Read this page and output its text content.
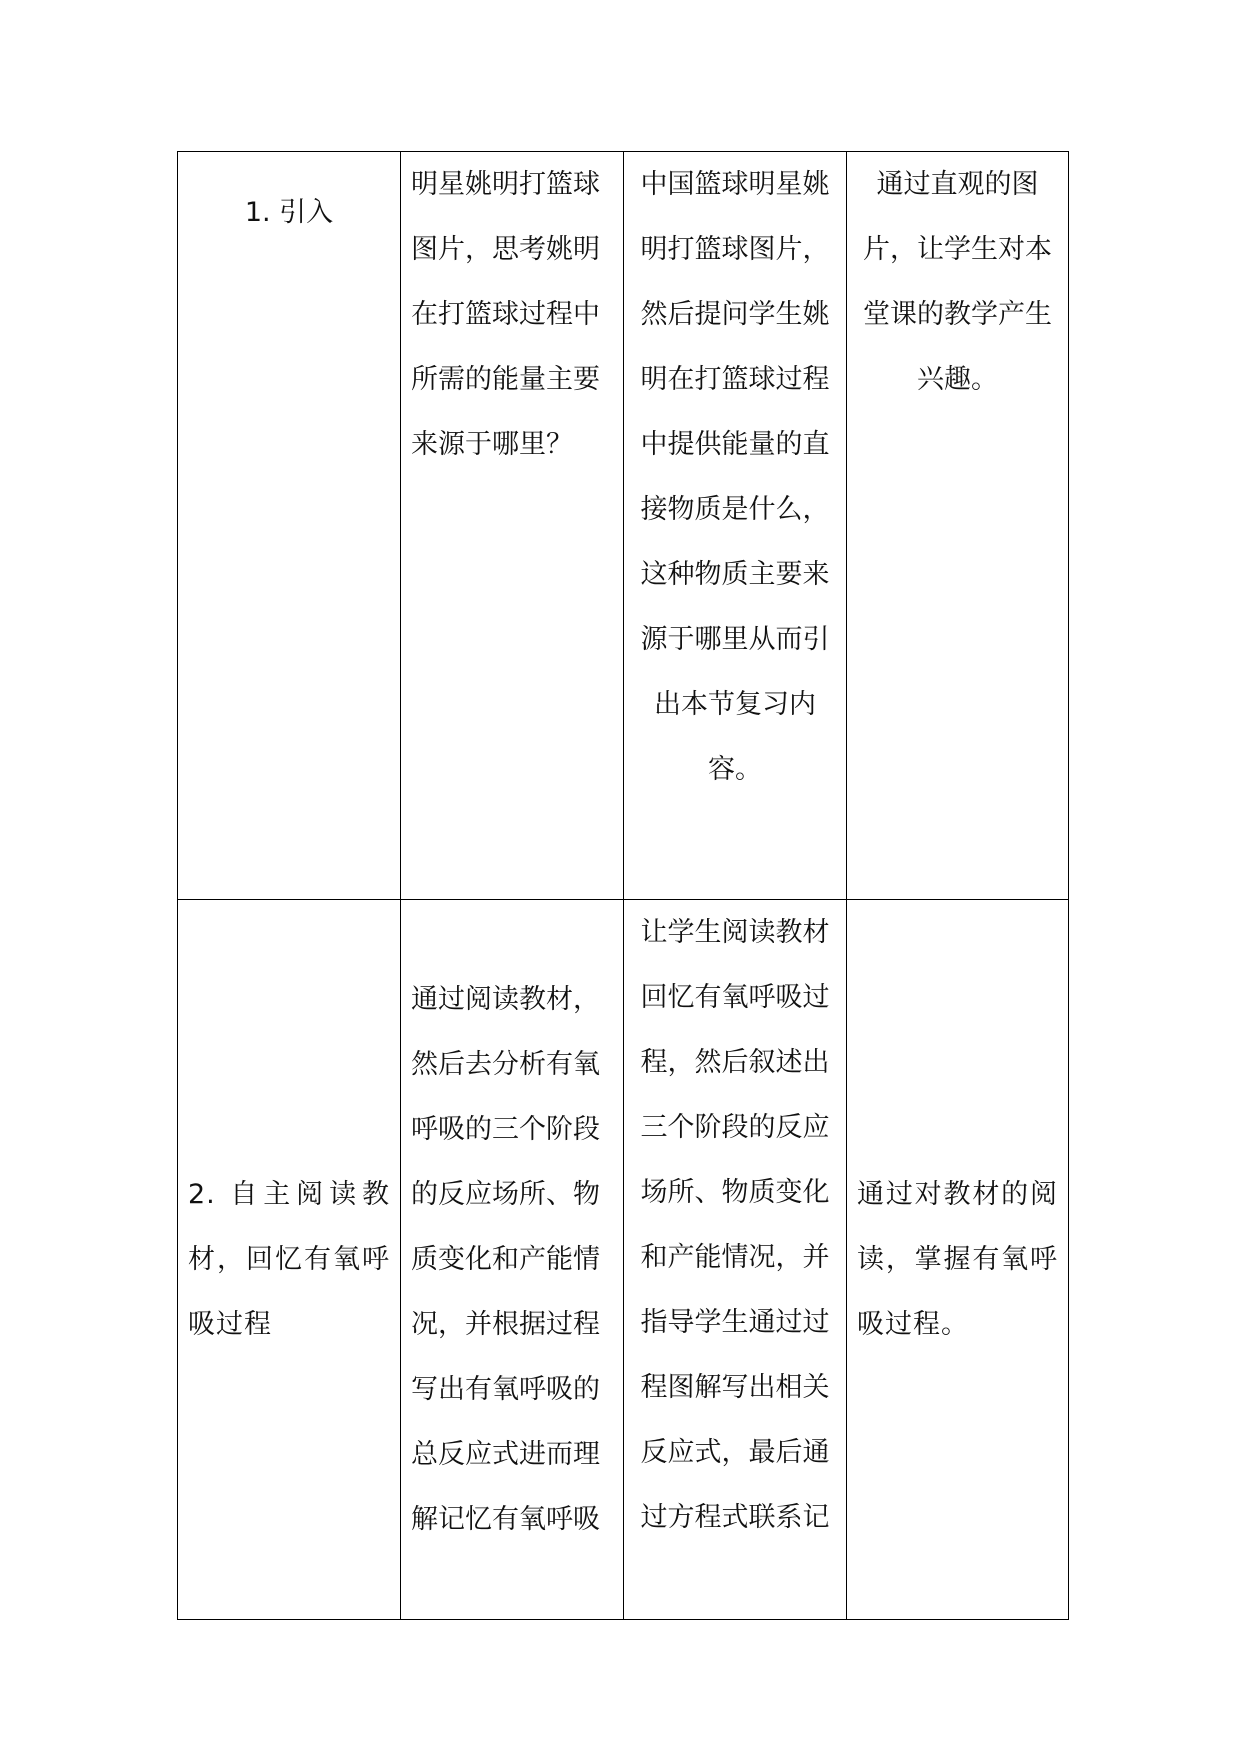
1. 引入	明星姚明打篮球图片，思考姚明在打篮球过程中所需的能量主要来源于哪里？	中国篮球明星姚明打篮球图片，然后提问学生姚明在打篮球过程中提供能量的直接物质是什么，这种物质主要来源于哪里从而引出本节复习内容。	通过直观的图片，让学生对本堂课的教学产生兴趣。

2. 自主阅读教材，回忆有氧呼吸过程	通过阅读教材，然后去分析有氧呼吸的三个阶段的反应场所、物质变化和产能情况，并根据过程写出有氧呼吸的总反应式进而理解记忆有氧呼吸	让学生阅读教材回忆有氧呼吸过程，然后叙述出三个阶段的反应场所、物质变化和产能情况，并指导学生通过过程图解写出相关反应式，最后通过方程式联系记	通过对教材的阅读，掌握有氧呼吸过程。
